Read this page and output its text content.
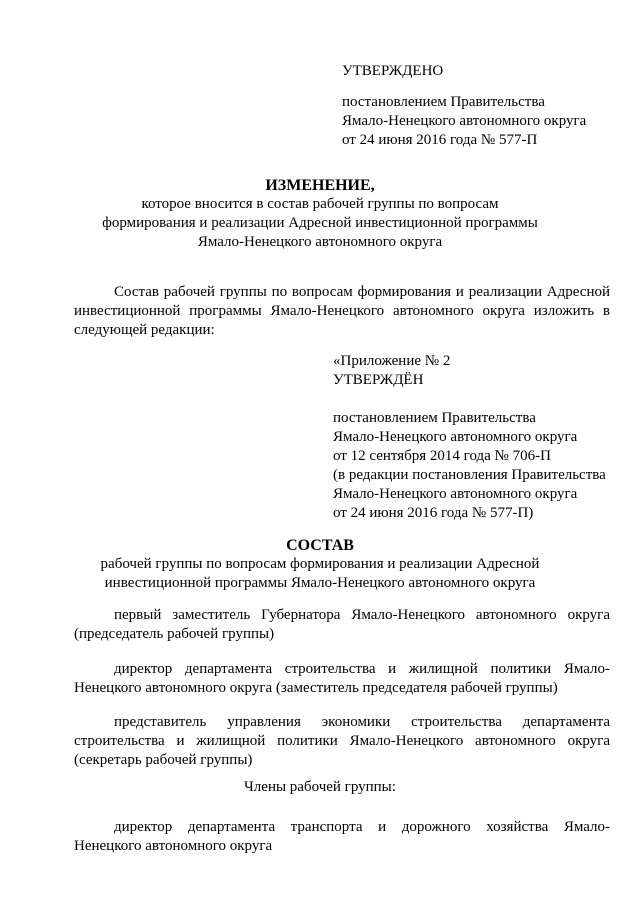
УТВЕРЖДЕНО
постановлением Правительства
Ямало-Ненецкого автономного округа
от 24 июня 2016 года № 577-П
ИЗМЕНЕНИЕ,
которое вносится в состав рабочей группы по вопросам
формирования и реализации Адресной инвестиционной программы
Ямало-Ненецкого автономного округа
Состав рабочей группы по вопросам формирования и реализации Адресной
инвестиционной программы Ямало-Ненецкого автономного округа изложить в
следующей редакции:
«Приложение № 2
УТВЕРЖДЁН
постановлением Правительства
Ямало-Ненецкого автономного округа
от 12 сентября 2014 года № 706-П
(в редакции постановления Правительства
Ямало-Ненецкого автономного округа
от 24 июня 2016 года № 577-П)
СОСТАВ
рабочей группы по вопросам формирования и реализации Адресной
инвестиционной программы Ямало-Ненецкого автономного округа
первый заместитель Губернатора Ямало-Ненецкого автономного округа
(председатель рабочей группы)
директор департамента строительства и жилищной политики Ямало-
Ненецкого автономного округа (заместитель председателя рабочей группы)
представитель управления экономики строительства департамента
строительства и жилищной политики Ямало-Ненецкого автономного округа
(секретарь рабочей группы)
Члены рабочей группы:
директор департамента транспорта и дорожного хозяйства Ямало-
Ненецкого автономного округа
